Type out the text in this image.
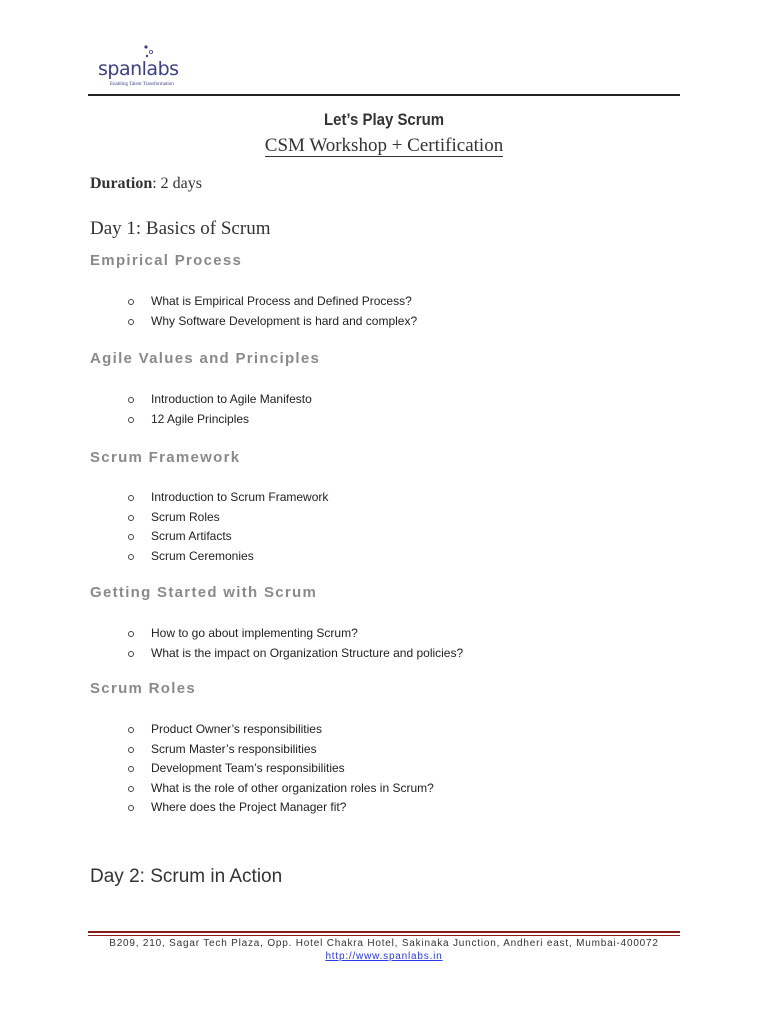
spanlabs
Enabling Talent Transformation
Let’s Play Scrum
CSM Workshop + Certification
Duration: 2 days
Day 1: Basics of Scrum
Empirical Process
What is Empirical Process and Defined Process?
Why Software Development is hard and complex?
Agile Values and Principles
Introduction to Agile Manifesto
12 Agile Principles
Scrum Framework
Introduction to Scrum Framework
Scrum Roles
Scrum Artifacts
Scrum Ceremonies
Getting Started with Scrum
How to go about implementing Scrum?
What is the impact on Organization Structure and policies?
Scrum Roles
Product Owner’s responsibilities
Scrum Master’s responsibilities
Development Team’s responsibilities
What is the role of other organization roles in Scrum?
Where does the Project Manager fit?
Day 2: Scrum in Action
B209, 210, Sagar Tech Plaza, Opp. Hotel Chakra Hotel, Sakinaka Junction, Andheri east, Mumbai-400072
http://www.spanlabs.in
